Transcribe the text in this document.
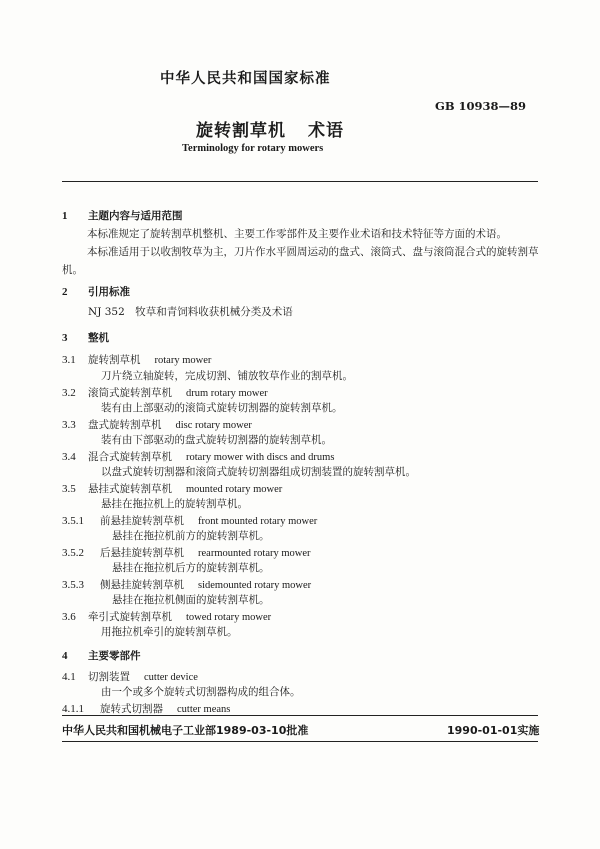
中华人民共和国国家标准
GB 10938—89
旋转割草机 术语
Terminology for rotary mowers
1 主题内容与适用范围
本标准规定了旋转割草机整机、主要工作零部件及主要作业术语和技术特征等方面的术语。
本标准适用于以收割牧草为主，刀片作水平圆周运动的盘式、滚筒式、盘与滚筒混合式的旋转割草机。
2 引用标准
NJ 352　牧草和青饲料收获机械分类及术语
3 整机
3.1 旋转割草机 rotary mower
刀片绕立轴旋转，完成切割、铺放牧草作业的割草机。
3.2 滚筒式旋转割草机 drum rotary mower
装有由上部驱动的滚筒式旋转切割器的旋转割草机。
3.3 盘式旋转割草机 disc rotary mower
装有由下部驱动的盘式旋转切割器的旋转割草机。
3.4 混合式旋转割草机 rotary mower with discs and drums
以盘式旋转切割器和滚筒式旋转切割器组成切割装置的旋转割草机。
3.5 悬挂式旋转割草机 mounted rotary mower
悬挂在拖拉机上的旋转割草机。
3.5.1 前悬挂旋转割草机 front mounted rotary mower
悬挂在拖拉机前方的旋转割草机。
3.5.2 后悬挂旋转割草机 rearmounted rotary mower
悬挂在拖拉机后方的旋转割草机。
3.5.3 侧悬挂旋转割草机 sidemounted rotary mower
悬挂在拖拉机侧面的旋转割草机。
3.6 牵引式旋转割草机 towed rotary mower
用拖拉机牵引的旋转割草机。
4 主要零部件
4.1 切割装置 cutter device
由一个或多个旋转式切割器构成的组合体。
4.1.1 旋转式切割器 cutter means
中华人民共和国机械电子工业部1989-03-10批准	1990-01-01实施
